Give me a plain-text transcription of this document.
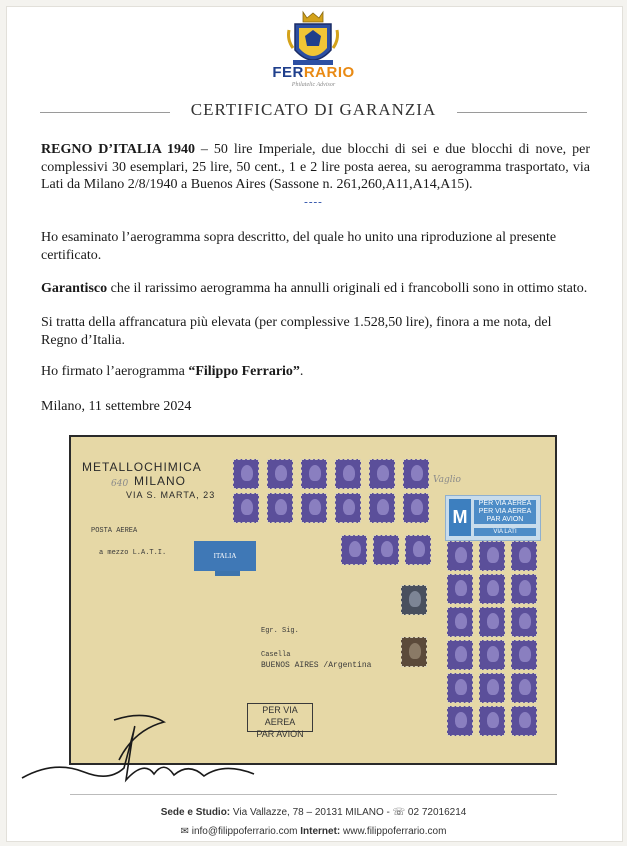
FERRARIO
Philatelic Advisor
CERTIFICATO DI GARANZIA
REGNO D’ITALIA 1940 – 50 lire Imperiale, due blocchi di sei e due blocchi di nove, per complessivi 30 esemplari, 25 lire, 50 cent., 1 e 2 lire posta aerea, su aerogramma trasportato, via Lati da Milano 2/8/1940 a Buenos Aires (Sassone n. 261,260,A11,A14,A15).
----
Ho esaminato l’aerogramma sopra descritto, del quale ho unito una riproduzione al presente certificato.
Garantisco che il rarissimo aerogramma ha annulli originali ed i francobolli sono in ottimo stato.
Si tratta della affrancatura più elevata (per complessive 1.528,50 lire), finora a me nota, del Regno d’Italia.
Ho firmato l’aerogramma “Filippo Ferrario”.
Milano, 11 settembre 2024
METALLOCHIMICA
MILANO
VIA S. MARTA, 23
POSTA AEREA
a mezzo L.A.T.I.
Egr. Sig.
Casella
BUENOS AIRES /Argentina
Vaglio
640
M
PER VIA AEREA PER VIA AEREA PAR AVION
VIA LATI
ITALIA
PER VIA AEREA
PAR AVION
Sede e Studio: Via Vallazze, 78 – 20131 MILANO - ☏ 02 72016214
✉ info@filippoferrario.com Internet: www.filippoferrario.com
